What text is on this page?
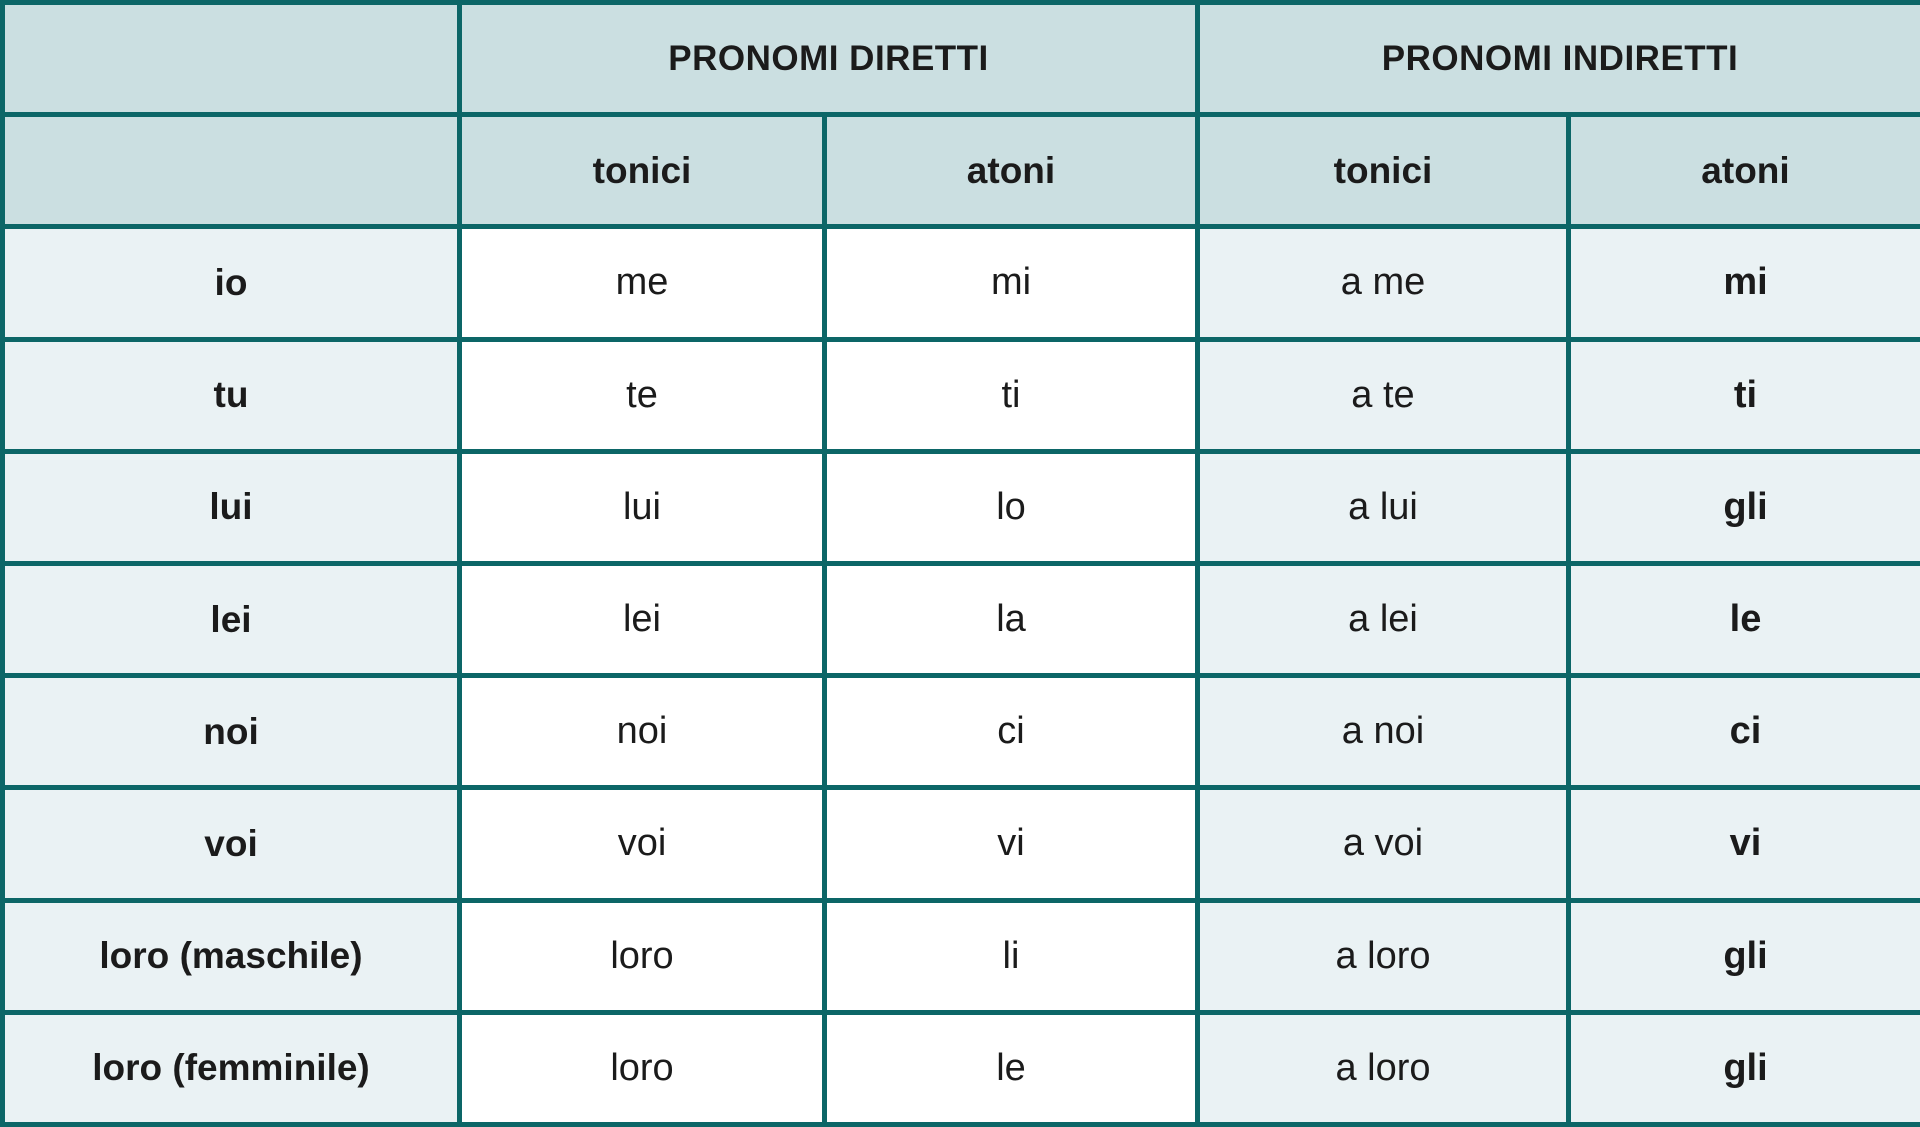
	PRONOMI DIRETTI		PRONOMI INDIRETTI	
	tonici	atoni	tonici	atoni
io	me	mi	a me	mi
tu	te	ti	a te	ti
lui	lui	lo	a lui	gli
lei	lei	la	a lei	le
noi	noi	ci	a noi	ci
voi	voi	vi	a voi	vi
loro (maschile)	loro	li	a loro	gli
loro (femminile)	loro	le	a loro	gli
